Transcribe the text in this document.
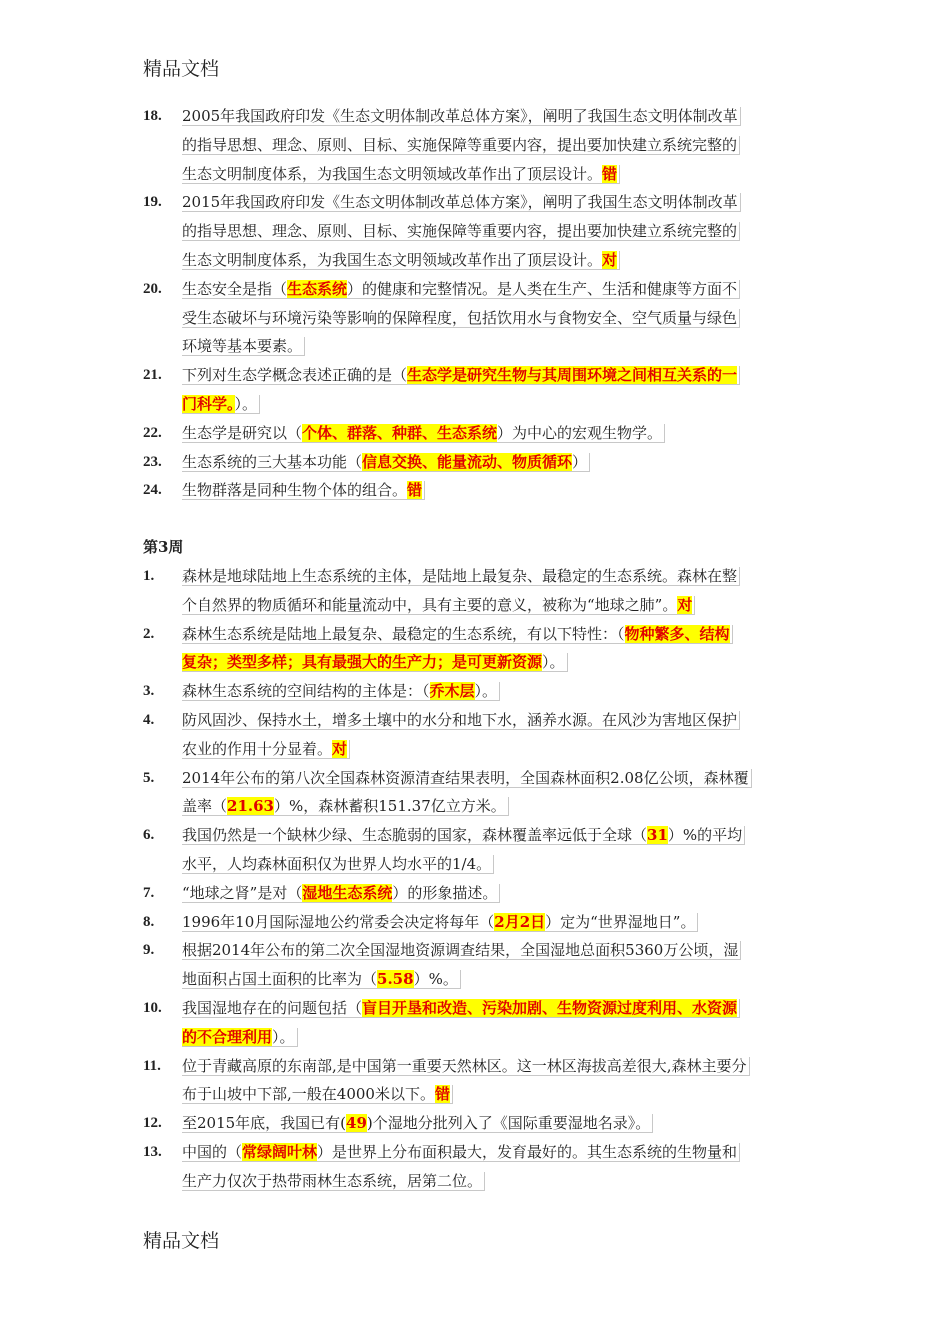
精品文档
18.	2005年我国政府印发《生态文明体制改革总体方案》，阐明了我国生态文明体制改革
的指导思想、理念、原则、目标、实施保障等重要内容，提出要加快建立系统完整的
生态文明制度体系，为我国生态文明领域改革作出了顶层设计。错
19.	2015年我国政府印发《生态文明体制改革总体方案》，阐明了我国生态文明体制改革
的指导思想、理念、原则、目标、实施保障等重要内容，提出要加快建立系统完整的
生态文明制度体系，为我国生态文明领域改革作出了顶层设计。对
20.	生态安全是指（生态系统）的健康和完整情况。是人类在生产、生活和健康等方面不
受生态破坏与环境污染等影响的保障程度，包括饮用水与食物安全、空气质量与绿色
环境等基本要素。
21.	下列对生态学概念表述正确的是（生态学是研究生物与其周围环境之间相互关系的一
门科学。）。
22.	生态学是研究以（个体、群落、种群、生态系统）为中心的宏观生物学。
23.	生态系统的三大基本功能（信息交换、能量流动、物质循环）
24.	生物群落是同种生物个体的组合。错
第3周
1.	森林是地球陆地上生态系统的主体，是陆地上最复杂、最稳定的生态系统。森林在整
个自然界的物质循环和能量流动中，具有主要的意义，被称为“地球之肺”。对
2.	森林生态系统是陆地上最复杂、最稳定的生态系统，有以下特性：（物种繁多、结构
复杂；类型多样；具有最强大的生产力；是可更新资源）。
3.	森林生态系统的空间结构的主体是：（乔木层）。
4.	防风固沙、保持水土，增多土壤中的水分和地下水，涵养水源。在风沙为害地区保护
农业的作用十分显着。对
5.	2014年公布的第八次全国森林资源清查结果表明，全国森林面积2.08亿公顷，森林覆
盖率（21.63）%，森林蓄积151.37亿立方米。
6.	我国仍然是一个缺林少绿、生态脆弱的国家，森林覆盖率远低于全球（31）%的平均
水平，人均森林面积仅为世界人均水平的1/4。
7.	“地球之肾”是对（湿地生态系统）的形象描述。
8.	1996年10月国际湿地公约常委会决定将每年（2月2日）定为“世界湿地日”。
9.	根据2014年公布的第二次全国湿地资源调查结果，全国湿地总面积5360万公顷，湿
地面积占国土面积的比率为（5.58）%。
10.	我国湿地存在的问题包括（盲目开垦和改造、污染加剧、生物资源过度利用、水资源
的不合理利用）。
11.	位于青藏高原的东南部,是中国第一重要天然林区。这一林区海拔高差很大,森林主要分
布于山坡中下部,一般在4000米以下。错
12.	至2015年底，我国已有(49)个湿地分批列入了《国际重要湿地名录》。
13.	中国的（常绿阔叶林）是世界上分布面积最大，发育最好的。其生态系统的生物量和
生产力仅次于热带雨林生态系统，居第二位。
精品文档
